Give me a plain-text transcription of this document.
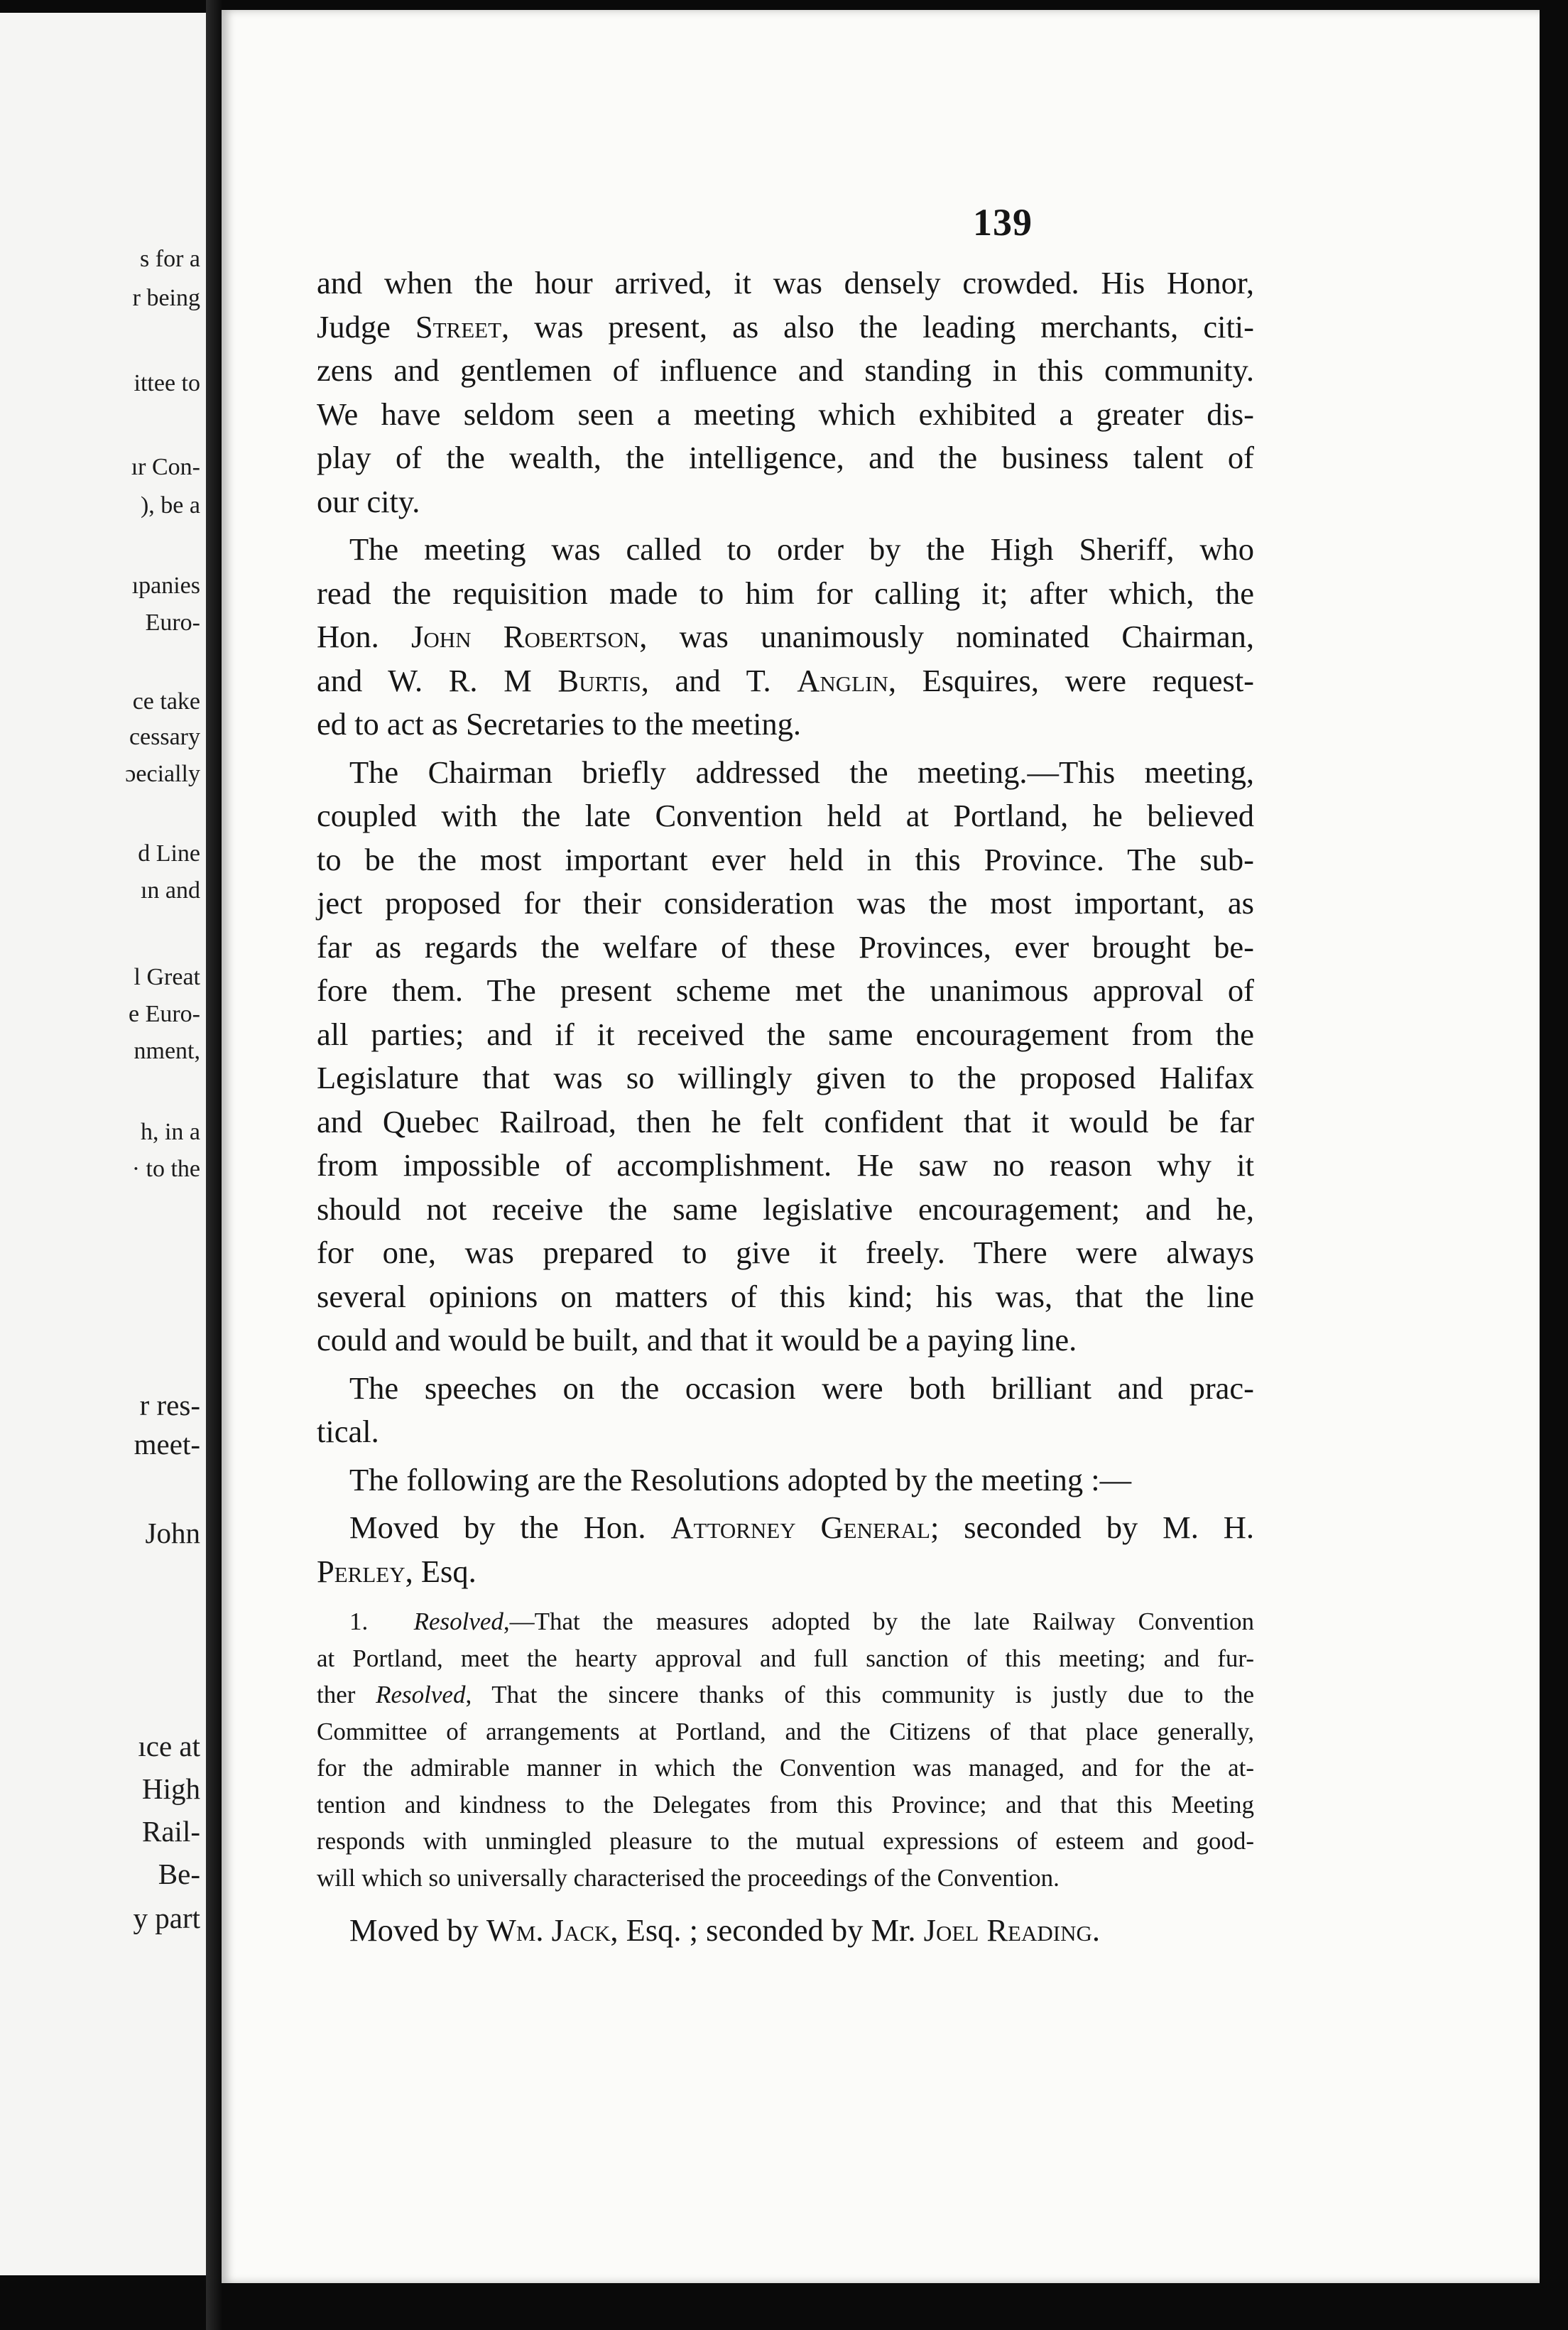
s for a
r being
ittee to
ır Con-
), be a
ıpanies
Euro-
ce take
cessary
ɔecially
d Line
ın and
l Great
e Euro-
nment,
h, in a
· to the
r res-
meet-
John
ıce at
High
Rail-
Be-
y part
139
and when the hour arrived, it was densely crowded. His Honor,
Judge Street, was present, as also the leading merchants, citi-
zens and gentlemen of influence and standing in this community.
We have seldom seen a meeting which exhibited a greater dis-
play of the wealth, the intelligence, and the business talent of
our city.
The meeting was called to order by the High Sheriff, who
read the requisition made to him for calling it; after which, the
Hon. John Robertson, was unanimously nominated Chairman,
and W. R. M Burtis, and T. Anglin, Esquires, were request-
ed to act as Secretaries to the meeting.
The Chairman briefly addressed the meeting.—This meeting,
coupled with the late Convention held at Portland, he believed
to be the most important ever held in this Province. The sub-
ject proposed for their consideration was the most important, as
far as regards the welfare of these Provinces, ever brought be-
fore them. The present scheme met the unanimous approval of
all parties; and if it received the same encouragement from the
Legislature that was so willingly given to the proposed Halifax
and Quebec Railroad, then he felt confident that it would be far
from impossible of accomplishment. He saw no reason why it
should not receive the same legislative encouragement; and he,
for one, was prepared to give it freely. There were always
several opinions on matters of this kind; his was, that the line
could and would be built, and that it would be a paying line.
The speeches on the occasion were both brilliant and prac-
tical.
The following are the Resolutions adopted by the meeting :—
Moved by the Hon. Attorney General; seconded by M. H.
Perley, Esq.
1. Resolved,—That the measures adopted by the late Railway Convention
at Portland, meet the hearty approval and full sanction of this meeting; and fur-
ther Resolved, That the sincere thanks of this community is justly due to the
Committee of arrangements at Portland, and the Citizens of that place generally,
for the admirable manner in which the Convention was managed, and for the at-
tention and kindness to the Delegates from this Province; and that this Meeting
responds with unmingled pleasure to the mutual expressions of esteem and good-
will which so universally characterised the proceedings of the Convention.
Moved by Wm. Jack, Esq. ; seconded by Mr. Joel Reading.
